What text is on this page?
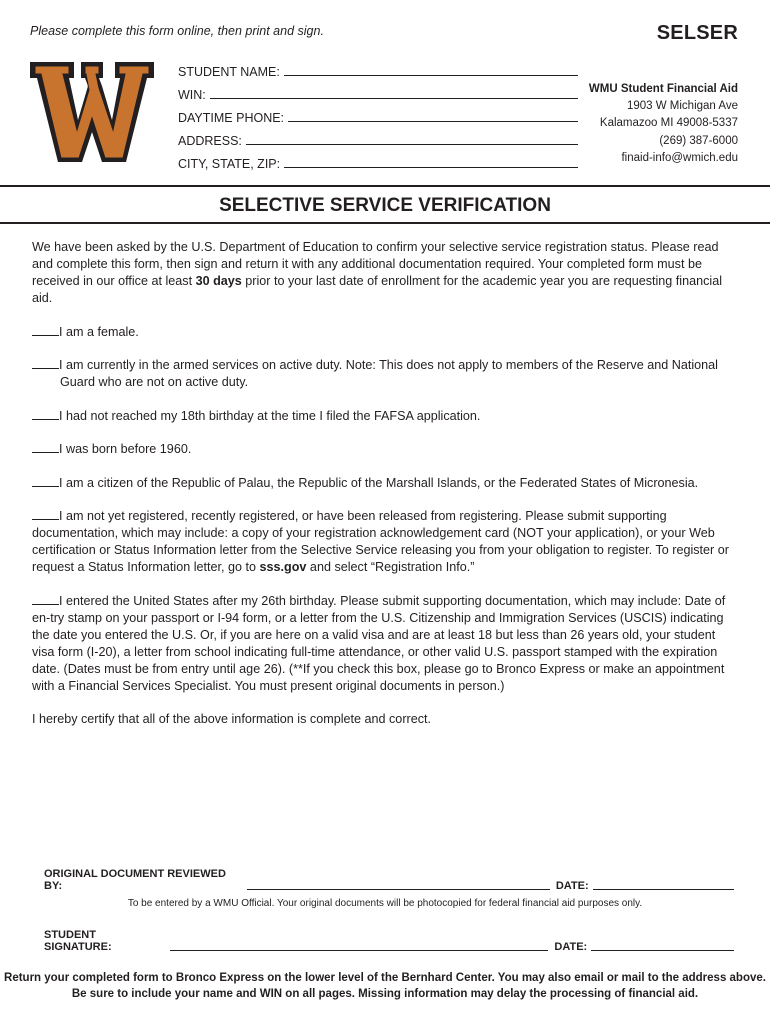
Please complete this form online, then print and sign.	SELSER
STUDENT NAME:
WIN:
DAYTIME PHONE:
ADDRESS:
CITY, STATE, ZIP:
WMU Student Financial Aid
1903 W Michigan Ave
Kalamazoo MI 49008-5337
(269) 387-6000
finaid-info@wmich.edu
SELECTIVE SERVICE VERIFICATION

We have been asked by the U.S. Department of Education to confirm your selective service registration status. Please read and complete this form, then sign and return it with any additional documentation required. Your completed form must be received in our office at least 30 days prior to your last date of enrollment for the academic year you are requesting financial aid.

I am a female.

I am currently in the armed services on active duty. Note: This does not apply to members of the Reserve and National Guard who are not on active duty.

I had not reached my 18th birthday at the time I filed the FAFSA application.

I was born before 1960.

I am a citizen of the Republic of Palau, the Republic of the Marshall Islands, or the Federated States of Micronesia.

I am not yet registered, recently registered, or have been released from registering. Please submit supporting documentation, which may include: a copy of your registration acknowledgement card (NOT your application), or your Web certification or Status Information letter from the Selective Service releasing you from your obligation to register. To register or request a Status Information letter, go to sss.gov and select “Registration Info.”

I entered the United States after my 26th birthday. Please submit supporting documentation, which may include: Date of en-try stamp on your passport or I-94 form, or a letter from the U.S. Citizenship and Immigration Services (USCIS) indicating the date you entered the U.S. Or, if you are here on a valid visa and are at least 18 but less than 26 years old, your student visa form (I-20), a letter from school indicating full-time attendance, or other valid U.S. passport stamped with the expiration date. (Dates must be from entry until age 26). (**If you check this box, please go to Bronco Express or make an appointment with a Financial Services Specialist. You must present original documents in person.)

I hereby certify that all of the above information is complete and correct.

ORIGINAL DOCUMENT REVIEWED BY:	DATE:
To be entered by a WMU Official. Your original documents will be photocopied for federal financial aid purposes only.
STUDENT SIGNATURE:	DATE:
Return your completed form to Bronco Express on the lower level of the Bernhard Center. You may also email or mail to the address above.
Be sure to include your name and WIN on all pages. Missing information may delay the processing of financial aid.
